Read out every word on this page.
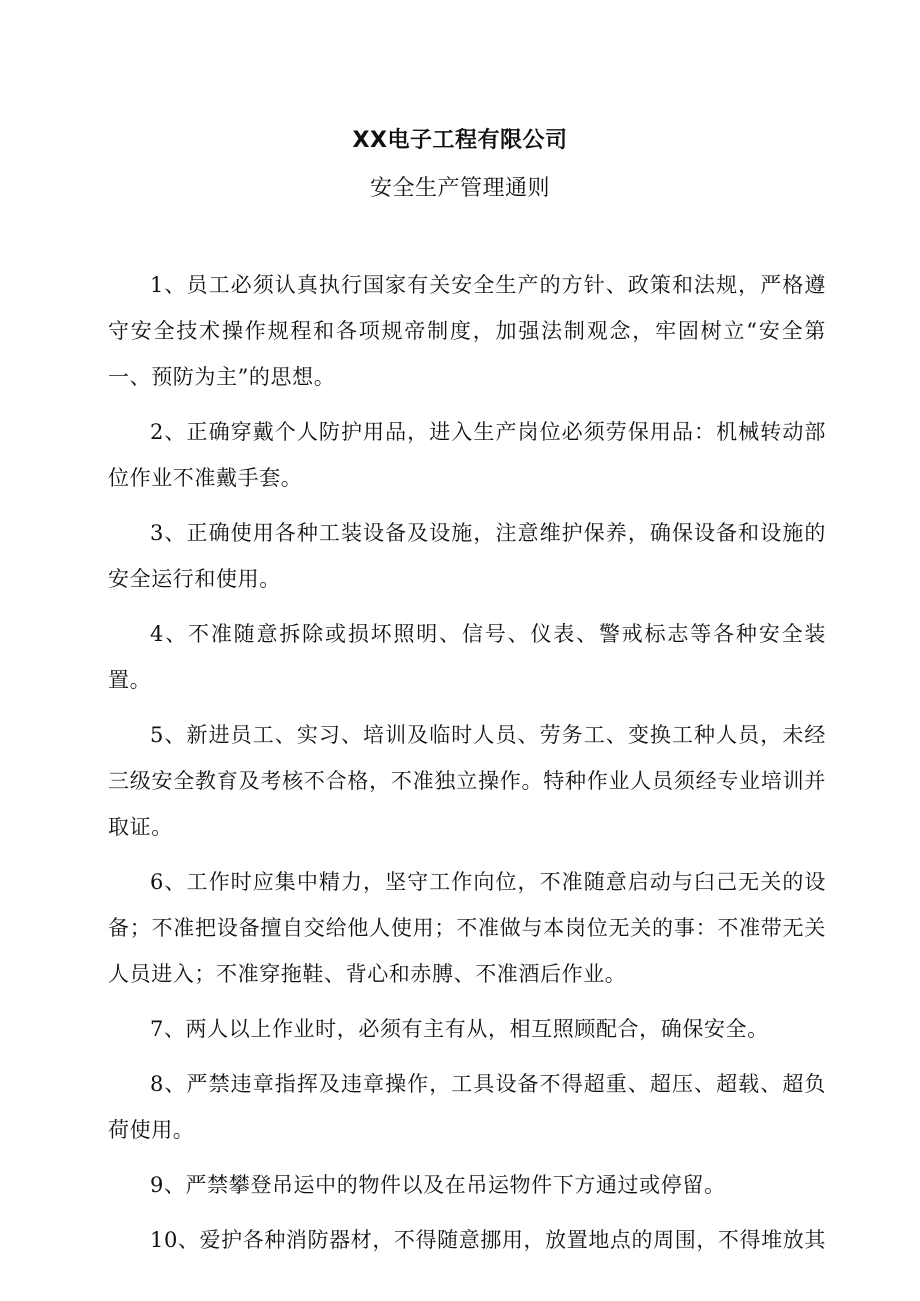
XX电子工程有限公司
安全生产管理通则

1、员工必须认真执行国家有关安全生产的方针、政策和法规，严格遵守安全技术操作规程和各项规帝制度，加强法制观念，牢固树立“安全第一、预防为主”的思想。

2、正确穿戴个人防护用品，进入生产岗位必须劳保用品：机械转动部位作业不准戴手套。

3、正确使用各种工装设备及设施，注意维护保养，确保设备和设施的安全运行和使用。

4、不准随意拆除或损坏照明、信号、仪表、警戒标志等各种安全装置。

5、新进员工、实习、培训及临时人员、劳务工、变换工种人员，未经三级安全教育及考核不合格，不准独立操作。特种作业人员须经专业培训并取证。

6、工作时应集中精力，坚守工作向位，不准随意启动与臼己无关的设备；不准把设备擅自交给他人使用；不准做与本岗位无关的事：不准带无关人员进入；不准穿拖鞋、背心和赤膊、不准酒后作业。

7、两人以上作业时，必须有主有从，相互照顾配合，确保安全。

8、严禁违章指挥及违章操作，工具设备不得超重、超压、超载、超负荷使用。

9、严禁攀登吊运中的物件以及在吊运物件下方通过或停留。

10、爱护各种消防器材，不得随意挪用，放置地点的周围，不得堆放其
